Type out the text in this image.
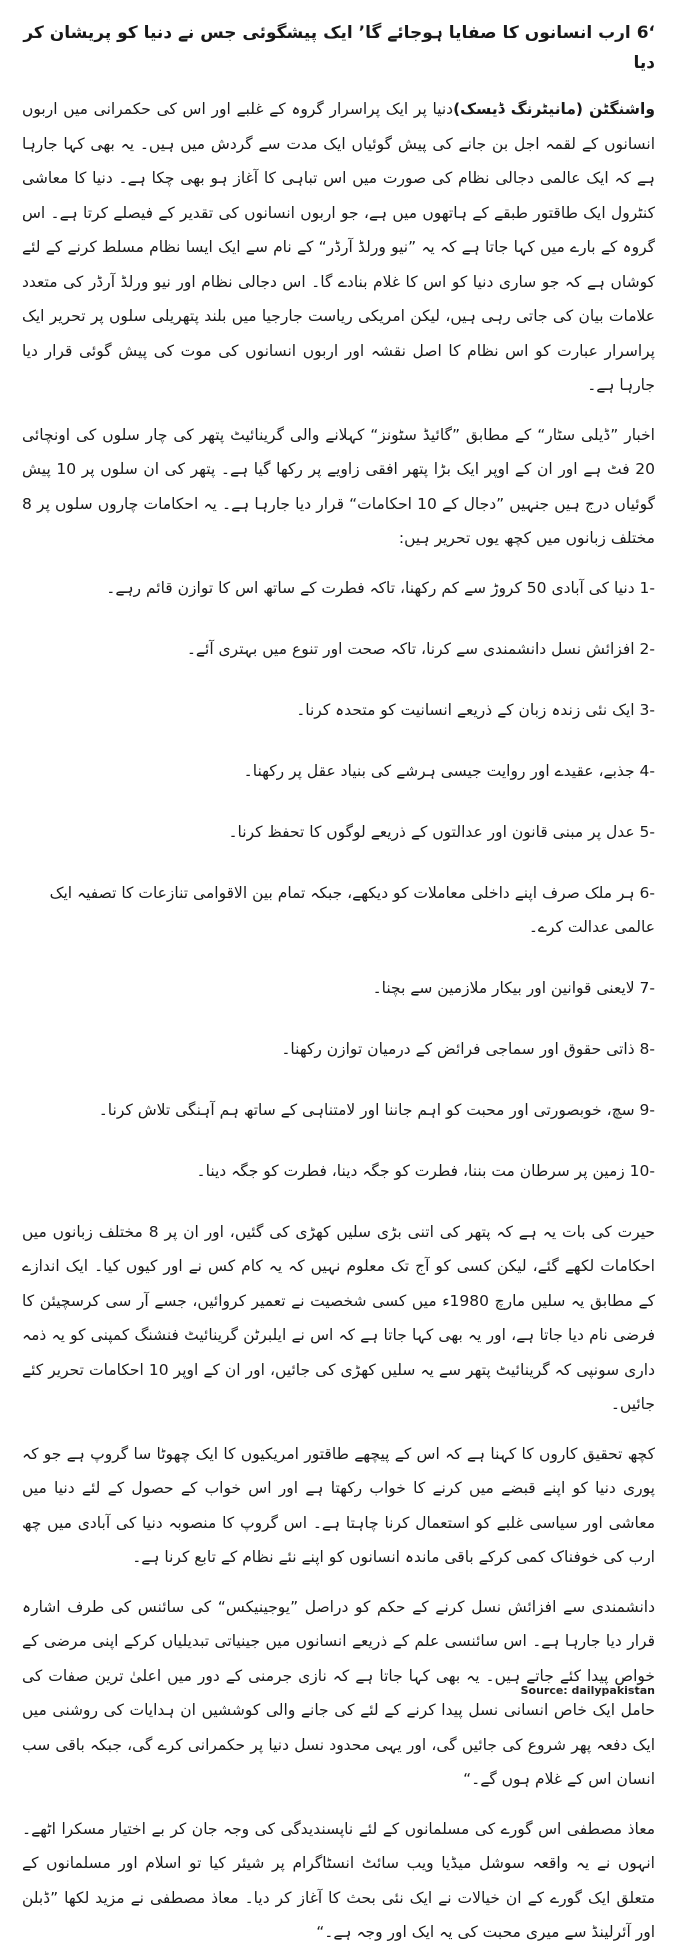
‘6 ارب انسانوں کا صفایا ہوجائے گا’ ایک پیشگوئی جس نے دنیا کو پریشان کر دیا

واشنگٹن (مانیٹرنگ ڈیسک)دنیا پر ایک پراسرار گروہ کے غلبے اور اس کی حکمرانی میں اربوں انسانوں کے لقمہ اجل بن جانے کی پیش گوئیاں ایک مدت سے گردش میں ہیں۔ یہ بھی کہا جارہا ہے کہ ایک عالمی دجالی نظام کی صورت میں اس تباہی کا آغاز ہو بھی چکا ہے۔ دنیا کا معاشی کنٹرول ایک طاقتور طبقے کے ہاتھوں میں ہے، جو اربوں انسانوں کی تقدیر کے فیصلے کرتا ہے۔ اس گروہ کے بارے میں کہا جاتا ہے کہ یہ ”نیو ورلڈ آرڈر“ کے نام سے ایک ایسا نظام مسلط کرنے کے لئے کوشاں ہے کہ جو ساری دنیا کو اس کا غلام بنادے گا۔ اس دجالی نظام اور نیو ورلڈ آرڈر کی متعدد علامات بیان کی جاتی رہی ہیں، لیکن امریکی ریاست جارجیا میں بلند پتھریلی سلوں پر تحریر ایک پراسرار عبارت کو اس نظام کا اصل نقشہ اور اربوں انسانوں کی موت کی پیش گوئی قرار دیا جارہا ہے۔

اخبار ”ڈیلی سٹار“ کے مطابق ”گائیڈ سٹونز“ کہلانے والی گرینائیٹ پتھر کی چار سلوں کی اونچائی 20 فٹ ہے اور ان کے اوپر ایک بڑا پتھر افقی زاویے پر رکھا گیا ہے۔ پتھر کی ان سلوں پر 10 پیش گوئیاں درج ہیں جنہیں ”دجال کے 10 احکامات“ قرار دیا جارہا ہے۔ یہ احکامات چاروں سلوں پر 8 مختلف زبانوں میں کچھ یوں تحریر ہیں:

-1 دنیا کی آبادی 50 کروڑ سے کم رکھنا، تاکہ فطرت کے ساتھ اس کا توازن قائم رہے۔
-2 افزائش نسل دانشمندی سے کرنا، تاکہ صحت اور تنوع میں بہتری آئے۔
-3 ایک نئی زندہ زبان کے ذریعے انسانیت کو متحدہ کرنا۔
-4 جذبے، عقیدے اور روایت جیسی ہرشے کی بنیاد عقل پر رکھنا۔
-5 عدل پر مبنی قانون اور عدالتوں کے ذریعے لوگوں کا تحفظ کرنا۔
-6 ہر ملک صرف اپنے داخلی معاملات کو دیکھے، جبکہ تمام بین الاقوامی تنازعات کا تصفیہ ایک عالمی عدالت کرے۔
-7 لایعنی قوانین اور بیکار ملازمین سے بچنا۔
-8 ذاتی حقوق اور سماجی فرائض کے درمیان توازن رکھنا۔
-9 سچ، خوبصورتی اور محبت کو اہم جاننا اور لامتناہی کے ساتھ ہم آہنگی تلاش کرنا۔
-10 زمین پر سرطان مت بننا، فطرت کو جگہ دینا، فطرت کو جگہ دینا۔

حیرت کی بات یہ ہے کہ پتھر کی اتنی بڑی سلیں کھڑی کی گئیں، اور ان پر 8 مختلف زبانوں میں احکامات لکھے گئے، لیکن کسی کو آج تک معلوم نہیں کہ یہ کام کس نے اور کیوں کیا۔ ایک اندازے کے مطابق یہ سلیں مارچ 1980ء میں کسی شخصیت نے تعمیر کروائیں، جسے آر سی کرسچیئن کا فرضی نام دیا جاتا ہے، اور یہ بھی کہا جاتا ہے کہ اس نے ایلبرٹن گرینائیٹ فنشنگ کمپنی کو یہ ذمہ داری سونپی کہ گرینائیٹ پتھر سے یہ سلیں کھڑی کی جائیں، اور ان کے اوپر 10 احکامات تحریر کئے جائیں۔

کچھ تحقیق کاروں کا کہنا ہے کہ اس کے پیچھے طاقتور امریکیوں کا ایک چھوٹا سا گروپ ہے جو کہ پوری دنیا کو اپنے قبضے میں کرنے کا خواب رکھتا ہے اور اس خواب کے حصول کے لئے دنیا میں معاشی اور سیاسی غلبے کو استعمال کرنا چاہتا ہے۔ اس گروپ کا منصوبہ دنیا کی آبادی میں چھ ارب کی خوفناک کمی کرکے باقی ماندہ انسانوں کو اپنے نئے نظام کے تابع کرنا ہے۔

دانشمندی سے افزائش نسل کرنے کے حکم کو دراصل ”یوجینیکس“ کی سائنس کی طرف اشارہ قرار دیا جارہا ہے۔ اس سائنسی علم کے ذریعے انسانوں میں جینیاتی تبدیلیاں کرکے اپنی مرضی کے خواص پیدا کئے جاتے ہیں۔ یہ بھی کہا جاتا ہے کہ نازی جرمنی کے دور میں اعلیٰ ترین صفات کی حامل ایک خاص انسانی نسل پیدا کرنے کے لئے کی جانے والی کوششیں ان ہدایات کی روشنی میں ایک دفعہ پھر شروع کی جائیں گی، اور یہی محدود نسل دنیا پر حکمرانی کرے گی، جبکہ باقی سب انسان اس کے غلام ہوں گے۔“

معاذ مصطفی اس گورے کی مسلمانوں کے لئے ناپسندیدگی کی وجہ جان کر بے اختیار مسکرا اٹھے۔ انہوں نے یہ واقعہ سوشل میڈیا ویب سائٹ انسٹاگرام پر شیئر کیا تو اسلام اور مسلمانوں کے متعلق ایک گورے کے ان خیالات نے ایک نئی بحث کا آغاز کر دیا۔ معاذ مصطفی نے مزید لکھا ”ڈبلن اور آئرلینڈ سے میری محبت کی یہ ایک اور وجہ ہے۔“

Source: dailypakistan
